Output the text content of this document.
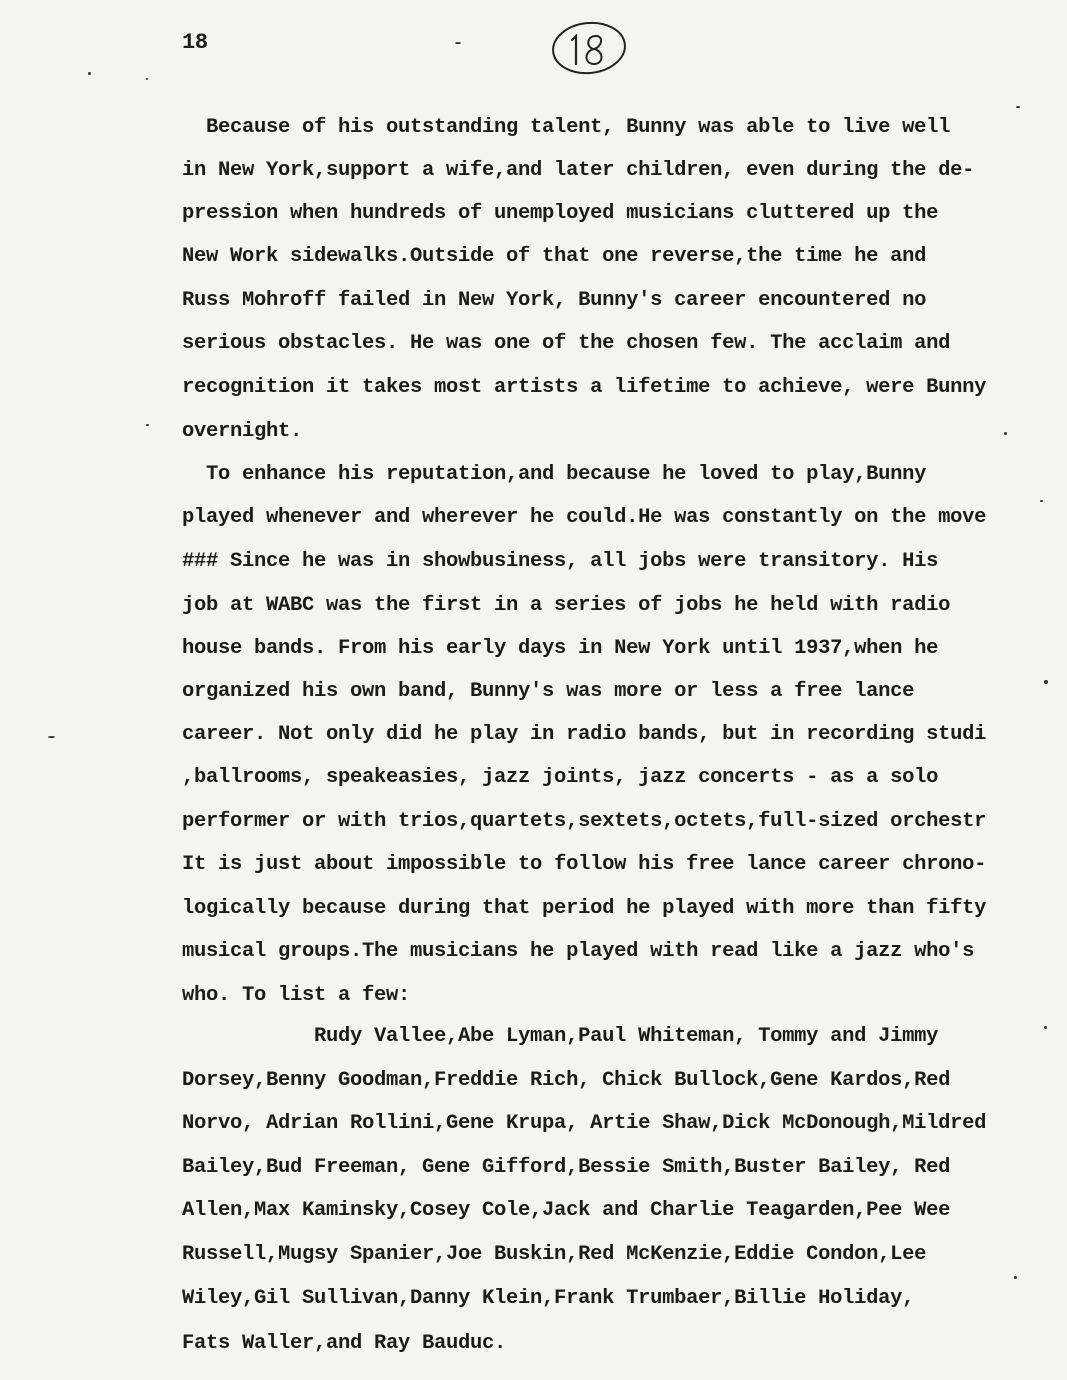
18
Because of his outstanding talent, Bunny was able to live well
in New York,support a wife,and later children, even during the de-
pression when hundreds of unemployed musicians cluttered up the
New Work sidewalks.Outside of that one reverse,the time he and
Russ Mohroff failed in New York, Bunny's career encountered no
serious obstacles. He was one of the chosen few. The acclaim and
recognition it takes most artists a lifetime to achieve, were Bunny
overnight.
To enhance his reputation,and because he loved to play,Bunny
played whenever and wherever he could.He was constantly on the move
### Since he was in showbusiness, all jobs were transitory. His
job at WABC was the first in a series of jobs he held with radio
house bands. From his early days in New York until 1937,when he
organized his own band, Bunny's was more or less a free lance
career. Not only did he play in radio bands, but in recording studi
,ballrooms, speakeasies, jazz joints, jazz concerts - as a solo
performer or with trios,quartets,sextets,octets,full-sized orchestr
It is just about impossible to follow his free lance career chrono-
logically because during that period he played with more than fifty
musical groups.The musicians he played with read like a jazz who's
who. To list a few:
Rudy Vallee,Abe Lyman,Paul Whiteman, Tommy and Jimmy
Dorsey,Benny Goodman,Freddie Rich, Chick Bullock,Gene Kardos,Red
Norvo, Adrian Rollini,Gene Krupa, Artie Shaw,Dick McDonough,Mildred
Bailey,Bud Freeman, Gene Gifford,Bessie Smith,Buster Bailey, Red
Allen,Max Kaminsky,Cosey Cole,Jack and Charlie Teagarden,Pee Wee
Russell,Mugsy Spanier,Joe Buskin,Red McKenzie,Eddie Condon,Lee
Wiley,Gil Sullivan,Danny Klein,Frank Trumbaer,Billie Holiday,
Fats Waller,and Ray Bauduc.
